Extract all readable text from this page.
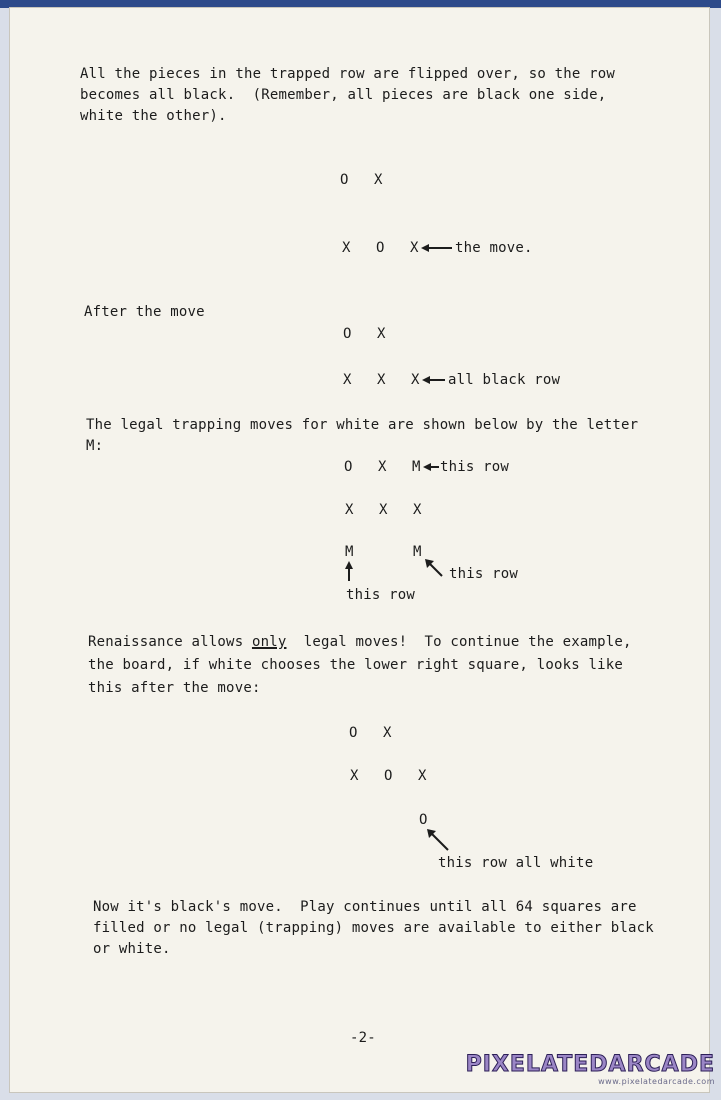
All the pieces in the trapped row are flipped over, so the row
becomes all black.  (Remember, all pieces are black one side,
white the other).
O X
X O X	the move.
After the move
O X
X X X all black row
The legal trapping moves for white are shown below by the letter
M:
O X M this row
X X X
M	M
this row
this row
Renaissance allows only  legal moves!  To continue the example,
the board, if white chooses the lower right square, looks like
this after the move:
O X
X O X
O
this row all white
Now it's black's move.  Play continues until all 64 squares are
filled or no legal (trapping) moves are available to either black
or white.
-2-
PIXELATEDARCADE
www.pixelatedarcade.com
